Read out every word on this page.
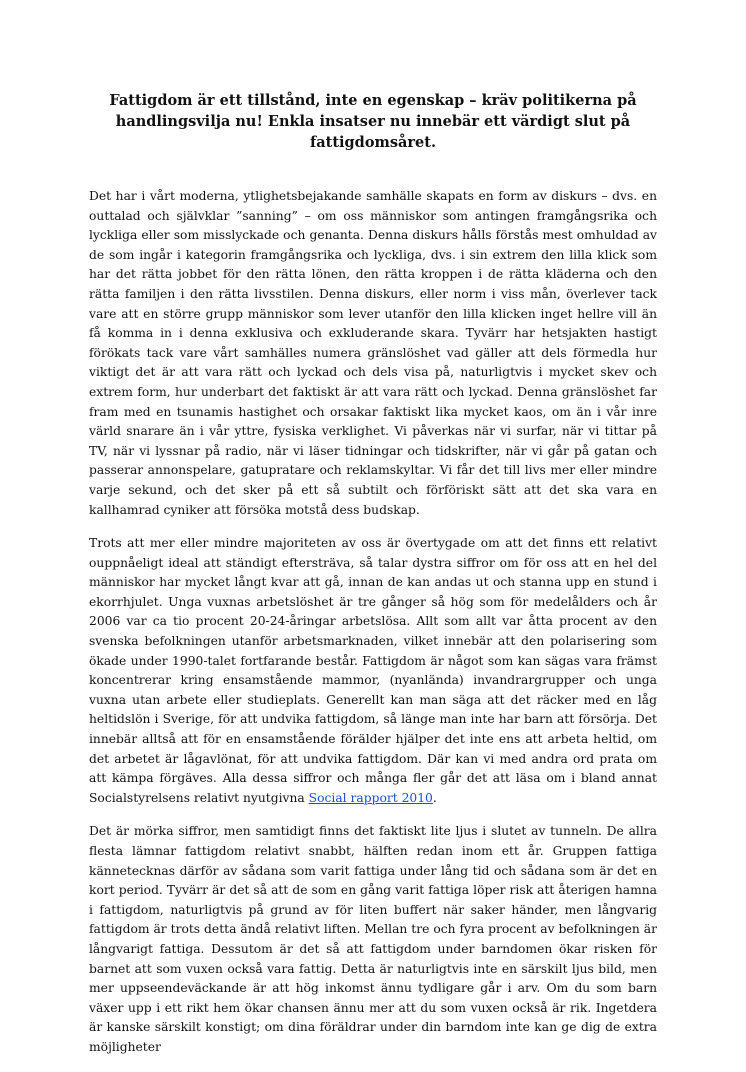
Fattigdom är ett tillstånd, inte en egenskap – kräv politikerna på handlingsvilja nu! Enkla insatser nu innebär ett värdigt slut på fattigdomsåret.

Det har i vårt moderna, ytlighetsbejakande samhälle skapats en form av diskurs – dvs. en outtalad och självklar ”sanning” – om oss människor som antingen framgångsrika och lyckliga eller som misslyckade och genanta. Denna diskurs hålls förstås mest omhuldad av de som ingår i kategorin framgångsrika och lyckliga, dvs. i sin extrem den lilla klick som har det rätta jobbet för den rätta lönen, den rätta kroppen i de rätta kläderna och den rätta familjen i den rätta livsstilen. Denna diskurs, eller norm i viss mån, överlever tack vare att en större grupp människor som lever utanför den lilla klicken inget hellre vill än få komma in i denna exklusiva och exkluderande skara. Tyvärr har hetsjakten hastigt förökats tack vare vårt samhälles numera gränslöshet vad gäller att dels förmedla hur viktigt det är att vara rätt och lyckad och dels visa på, naturligtvis i mycket skev och extrem form, hur underbart det faktiskt är att vara rätt och lyckad. Denna gränslöshet far fram med en tsunamis hastighet och orsakar faktiskt lika mycket kaos, om än i vår inre värld snarare än i vår yttre, fysiska verklighet. Vi påverkas när vi surfar, när vi tittar på TV, när vi lyssnar på radio, när vi läser tidningar och tidskrifter, när vi går på gatan och passerar annonspelare, gatupratare och reklamskyltar. Vi får det till livs mer eller mindre varje sekund, och det sker på ett så subtilt och förföriskt sätt att det ska vara en kallhamrad cyniker att försöka motstå dess budskap.

Trots att mer eller mindre majoriteten av oss är övertygade om att det finns ett relativt ouppnåeligt ideal att ständigt eftersträva, så talar dystra siffror om för oss att en hel del människor har mycket långt kvar att gå, innan de kan andas ut och stanna upp en stund i ekorrhjulet. Unga vuxnas arbetslöshet är tre gånger så hög som för medelålders och år 2006 var ca tio procent 20-24-åringar arbetslösa. Allt som allt var åtta procent av den svenska befolkningen utanför arbetsmarknaden, vilket innebär att den polarisering som ökade under 1990-talet fortfarande består. Fattigdom är något som kan sägas vara främst koncentrerar kring ensamstående mammor, (nyanlända) invandrargrupper och unga vuxna utan arbete eller studieplats. Generellt kan man säga att det räcker med en låg heltidslön i Sverige, för att undvika fattigdom, så länge man inte har barn att försörja. Det innebär alltså att för en ensamstående förälder hjälper det inte ens att arbeta heltid, om det arbetet är lågavlönat, för att undvika fattigdom. Där kan vi med andra ord prata om att kämpa förgäves. Alla dessa siffror och många fler går det att läsa om i bland annat Socialstyrelsens relativt nyutgivna Social rapport 2010.

Det är mörka siffror, men samtidigt finns det faktiskt lite ljus i slutet av tunneln. De allra flesta lämnar fattigdom relativt snabbt, hälften redan inom ett år. Gruppen fattiga kännetecknas därför av sådana som varit fattiga under lång tid och sådana som är det en kort period. Tyvärr är det så att de som en gång varit fattiga löper risk att återigen hamna i fattigdom, naturligtvis på grund av för liten buffert när saker händer, men långvarig fattigdom är trots detta ändå relativt liften. Mellan tre och fyra procent av befolkningen är långvarigt fattiga. Dessutom är det så att fattigdom under barndomen ökar risken för barnet att som vuxen också vara fattig. Detta är naturligtvis inte en särskilt ljus bild, men mer uppseendeväckande är att hög inkomst ännu tydligare går i arv. Om du som barn växer upp i ett rikt hem ökar chansen ännu mer att du som vuxen också är rik. Ingetdera är kanske särskilt konstigt; om dina föräldrar under din barndom inte kan ge dig de extra möjligheter
